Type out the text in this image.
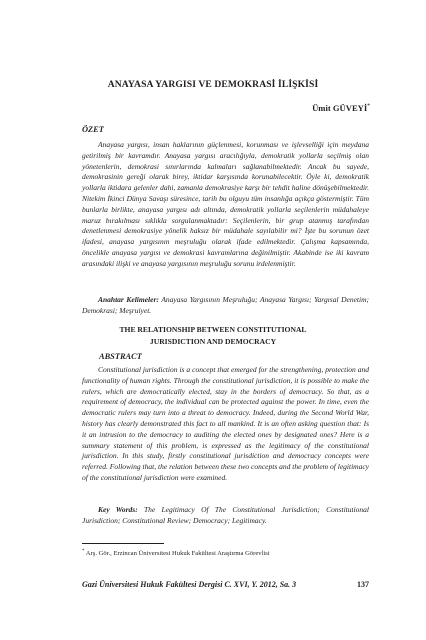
ANAYASA YARGISI VE DEMOKRASİ İLİŞKİSİ
Ümit GÜVEYİ*
ÖZET

Anayasa yargısı, insan haklarının güçlenmesi, korunması ve işlevselliği için meydana getirilmiş bir kavramdır. Anayasa yargısı aracılığıyla, demokratik yollarla seçilmiş olan yönetenlerin, demokrasi sınırlarında kalmaları sağlanabilmektedir. Ancak bu sayede, demokrasinin gereği olarak birey, iktidar karşısında korunabilecektir. Öyle ki, demokratik yollarla iktidara gelenler dahi, zamanla demokrasiye karşı bir tehdit haline dönüşebilmektedir. Nitekim İkinci Dünya Savaşı süresince, tarih bu olguyu tüm insanlığa açıkça göstermiştir. Tüm bunlarla birlikte, anayasa yargısı adı altında, demokratik yollarla seçilenlerin müdahaleye maruz bırakılması sıklıkla sorgulanmaktadır: Seçilenlerin, bir grup atanmış tarafından denetlenmesi demokrasiye yönelik haksız bir müdahale sayılabilir mi? İşte bu sorunun özet ifadesi, anayasa yargısının meşruluğu olarak ifade edilmektedir. Çalışma kapsamında, öncelikle anayasa yargısı ve demokrasi kavramlarına değinilmiştir. Akabinde ise iki kavram arasındaki ilişki ve anayasa yargısının meşruluğu sorunu irdelenmiştir.

Anahtar Kelimeler: Anayasa Yargısının Meşruluğu; Anayasa Yargısı; Yargısal Denetim; Demokrasi; Meşruiyet.

THE RELATIONSHIP BETWEEN CONSTITUTIONAL
JURISDICTION AND DEMOCRACY
ABSTRACT

Constitutional jurisdiction is a concept that emerged for the strengthening, protection and functionality of human rights. Through the constitutional jurisdiction, it is possible to make the rulers, which are democratically elected, stay in the borders of democracy. So that, as a requirement of democracy, the individual can be protected against the power. In time, even the democratic rulers may turn into a threat to democracy. Indeed, during the Second World War, history has clearly demonstrated this fact to all mankind. It is an often asking question that: Is it an intrusion to the democracy to auditing the elected ones by designated ones? Here is a summary statement of this problem, is expressed as the legitimacy of the constitutional jurisdiction. In this study, firstly constitutional jurisdiction and democracy concepts were referred. Following that, the relation between these two concepts and the problem of legitimacy of the constitutional jurisdiction were examined.

Key Words: The Legitimacy Of The Constitutional Jurisdiction; Constitutional Jurisdiction; Constitutional Review; Democracy; Legitimacy.

* Arş. Gör., Erzincan Üniversitesi Hukuk Fakültesi Araştırma Görevlisi
Gazi Üniversitesi Hukuk Fakültesi Dergisi C. XVI, Y. 2012, Sa. 3	137
